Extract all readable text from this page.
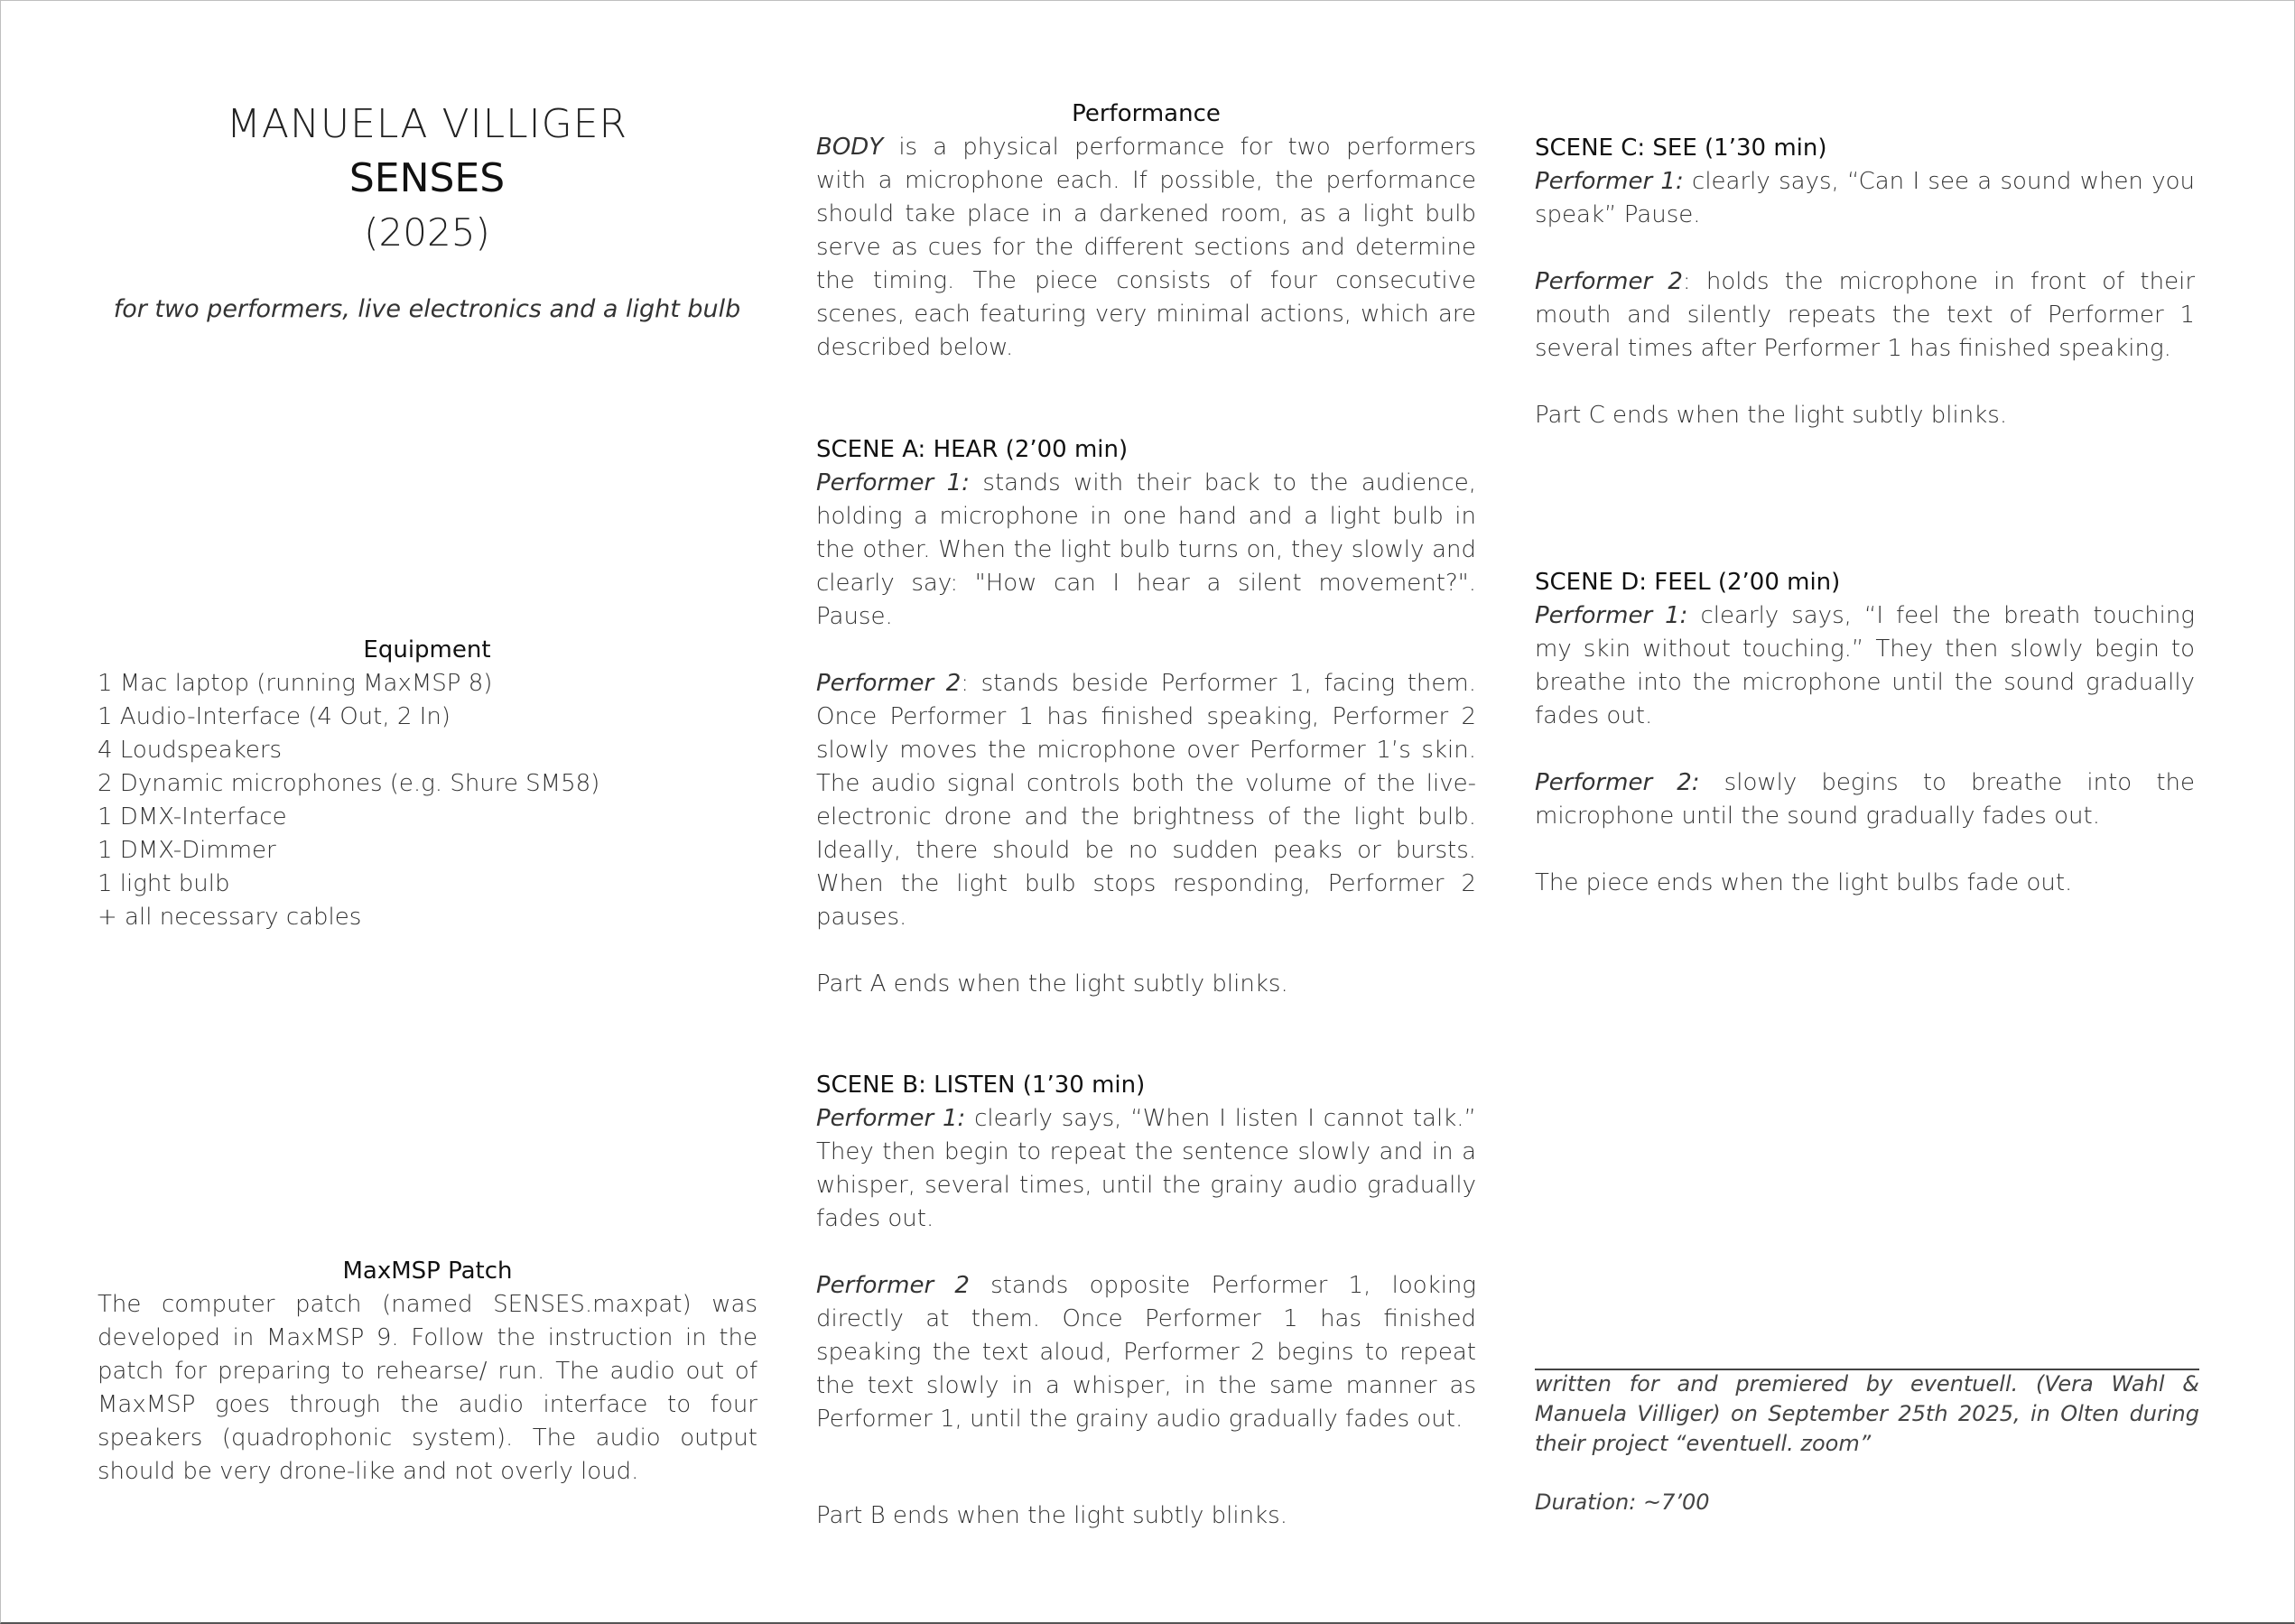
MANUELA VILLIGER
SENSES
(2025)
for two performers, live electronics and a light bulb
Equipment
1 Mac laptop (running MaxMSP 8)
1 Audio-Interface (4 Out, 2 In)
4 Loudspeakers
2 Dynamic microphones (e.g. Shure SM58)
1 DMX-Interface
1 DMX-Dimmer
1 light bulb
+ all necessary cables
MaxMSP Patch
The computer patch (named SENSES.maxpat) was developed in MaxMSP 9. Follow the instruction in the patch for preparing to rehearse/ run. The audio out of MaxMSP goes through the audio interface to four speakers (quadrophonic system). The audio output should be very drone-like and not overly loud.
Performance
BODY is a physical performance for two performers with a microphone each. If possible, the performance should take place in a darkened room, as a light bulb serve as cues for the different sections and determine the timing. The piece consists of four consecutive scenes, each featuring very minimal actions, which are described below.
SCENE A: HEAR (2’00 min)
Performer 1: stands with their back to the audience, holding a microphone in one hand and a light bulb in the other. When the light bulb turns on, they slowly and clearly say: "How can I hear a silent movement?". Pause.
Performer 2: stands beside Performer 1, facing them. Once Performer 1 has finished speaking, Performer 2 slowly moves the microphone over Performer 1’s skin. The audio signal controls both the volume of the live-electronic drone and the brightness of the light bulb. Ideally, there should be no sudden peaks or bursts. When the light bulb stops responding, Performer 2 pauses.
Part A ends when the light subtly blinks.
SCENE B: LISTEN (1’30 min)
Performer 1: clearly says, “When I listen I cannot talk.” They then begin to repeat the sentence slowly and in a whisper, several times, until the grainy audio gradually fades out.
Performer 2 stands opposite Performer 1, looking directly at them. Once Performer 1 has finished speaking the text aloud, Performer 2 begins to repeat the text slowly in a whisper, in the same manner as Performer 1, until the grainy audio gradually fades out.
Part B ends when the light subtly blinks.
SCENE C: SEE (1’30 min)
Performer 1: clearly says, “Can I see a sound when you speak” Pause.
Performer 2: holds the microphone in front of their mouth and silently repeats the text of Performer 1 several times after Performer 1 has finished speaking.
Part C ends when the light subtly blinks.
SCENE D: FEEL (2’00 min)
Performer 1: clearly says, “I feel the breath touching my skin without touching.” They then slowly begin to breathe into the microphone until the sound gradually fades out.
Performer 2: slowly begins to breathe into the microphone until the sound gradually fades out.
The piece ends when the light bulbs fade out.
written for and premiered by eventuell. (Vera Wahl & Manuela Villiger) on September 25th 2025, in Olten during their project “eventuell. zoom”
Duration: ~7’00
